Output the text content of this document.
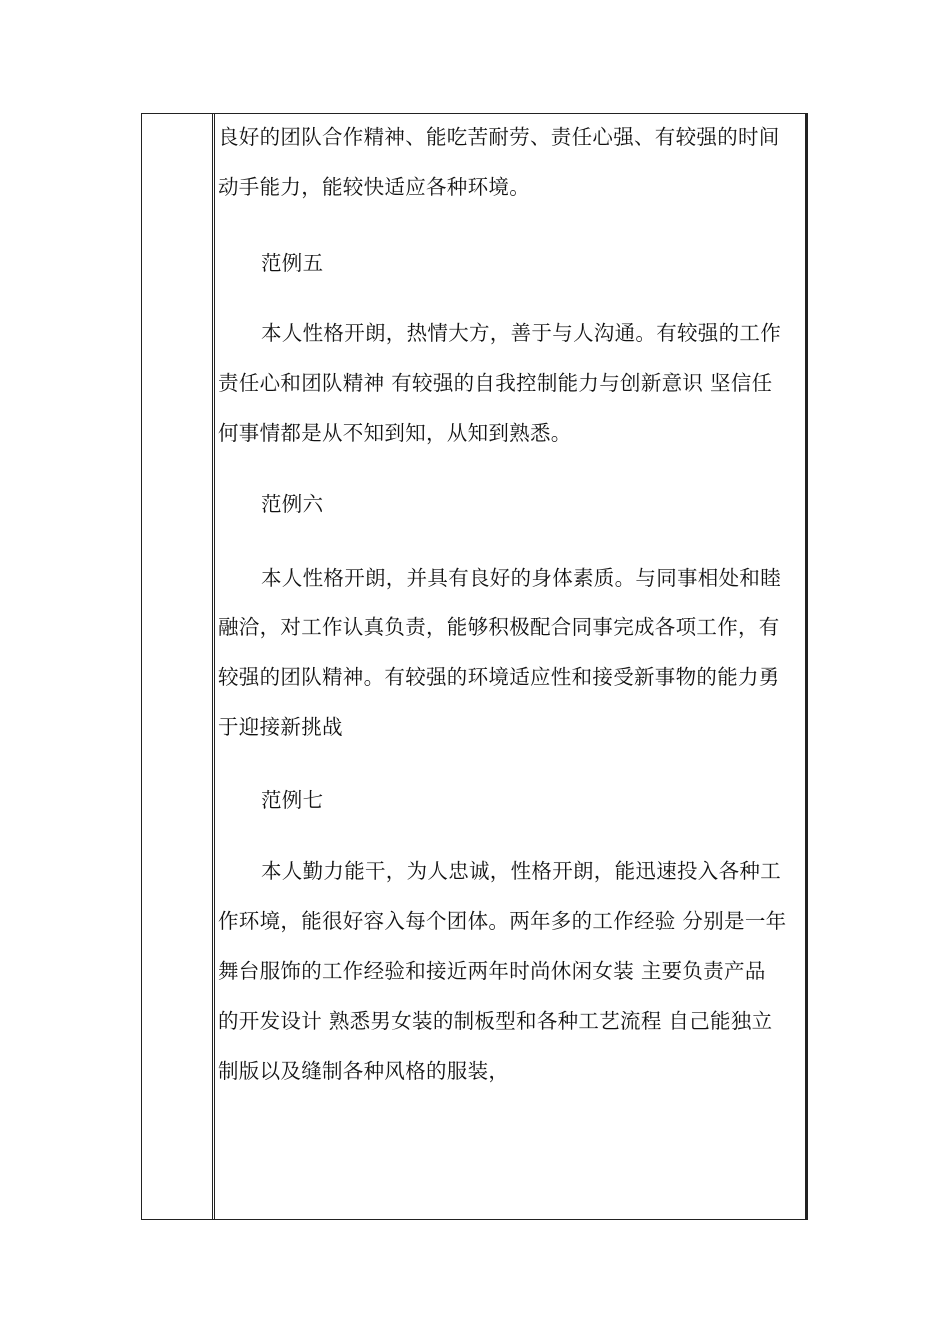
良好的团队合作精神、能吃苦耐劳、责任心强、有较强的时间
动手能力，能较快适应各种环境。
范例五
本人性格开朗，热情大方，善于与人沟通。有较强的工作
责任心和团队精神 有较强的自我控制能力与创新意识 坚信任
何事情都是从不知到知，从知到熟悉。
范例六
本人性格开朗，并具有良好的身体素质。与同事相处和睦
融洽，对工作认真负责，能够积极配合同事完成各项工作，有
较强的团队精神。有较强的环境适应性和接受新事物的能力勇
于迎接新挑战
范例七
本人勤力能干，为人忠诚，性格开朗，能迅速投入各种工
作环境，能很好容入每个团体。两年多的工作经验 分别是一年
舞台服饰的工作经验和接近两年时尚休闲女装 主要负责产品
的开发设计 熟悉男女装的制板型和各种工艺流程 自己能独立
制版以及缝制各种风格的服装，
